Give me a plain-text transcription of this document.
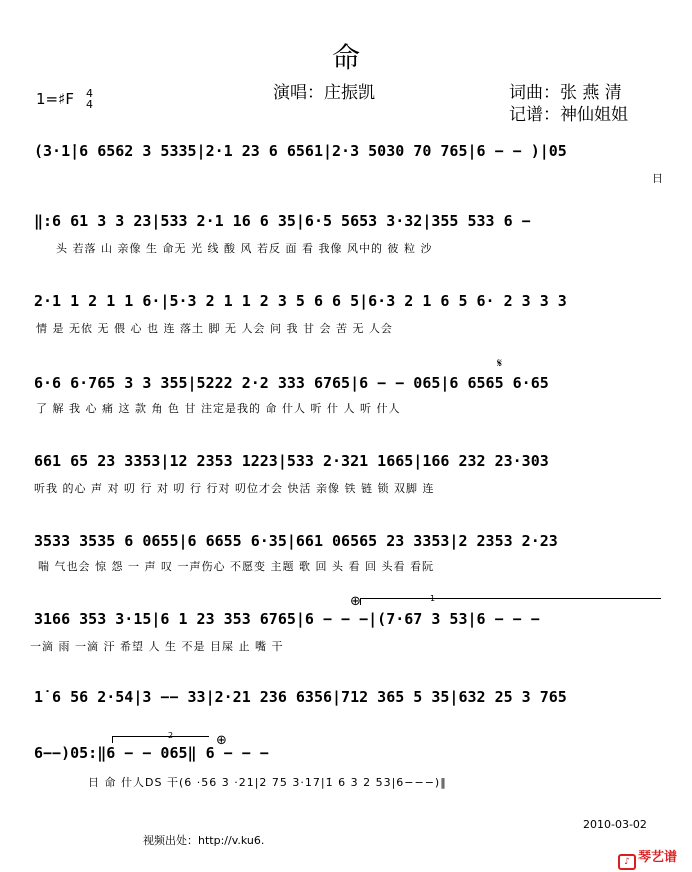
命
1=♯F 4
4
演唱：庄振凯	词曲：张 燕 清
记谱：神仙姐姐
(3·1̇|6 6562 3 5335|2·1 23 6 6561|2·3 5030 70 765|6 − − )|05
日
‖:6 61 3 3 23|533 2·1 16 6 35|6·5 5653 3·32|355 533 6 −
头 若落 山 亲像 生 命无 光 线 酸 风 若反 面 看 我像 风中的 彼 粒 沙
2·1 1 2 1 1 6·|5·3 2 1 1 2 3 5 6 6 5|6·3 2 1 6 5 6· 2 3 3 3
情 是 无依 无 偎 心 也 连 落土 脚 无 人会 问 我 甘 会 苦 无 人会
𝄋
6·6 6·765 3 3 355|5222 2·2 333 6765|6 − − 065|6 6565 6·65
了 解 我 心 痛 这 款 角 色 甘 注定是我的 命 什人 听 什 人 听 什人
661 65 23 3353|12 2353 1223|533 2·321 1665|166 232 23·303
听我 的心 声 对 叨 行 对 叨 行 行对 叨位才会 快活 亲像 铁 链 锁 双脚 连
3533 3535 6 0655|6 6655 6·35|661 06565 23 3353|2 2353 2·23
喘 气也会 惊 怨 一 声 叹 一声伤心 不愿变 主题 歌 回 头 看 回 头看 看阮
1
⊕
3166 353 3·15|6 1 23 353 6765|6 − − −|(7·67 3 53|6 − − −
一滴 雨 一滴 汗 希望 人 生 不是 目屎 止 嘴 干
1̇ 6 56 2·54|3 −− 33|2·21 236 6356|712 365 5 35|632 25 3 765
2	⊕
6−−)05:‖6 − − 065‖ 6 − − −
日 命 什人DS 干(6 ·56 3 ·21|2 75 3·17|1̇ 6 3 2 53|6−−−)‖
2010-03-02
视频出处：http://v.ku6.
♪ 琴艺谱
